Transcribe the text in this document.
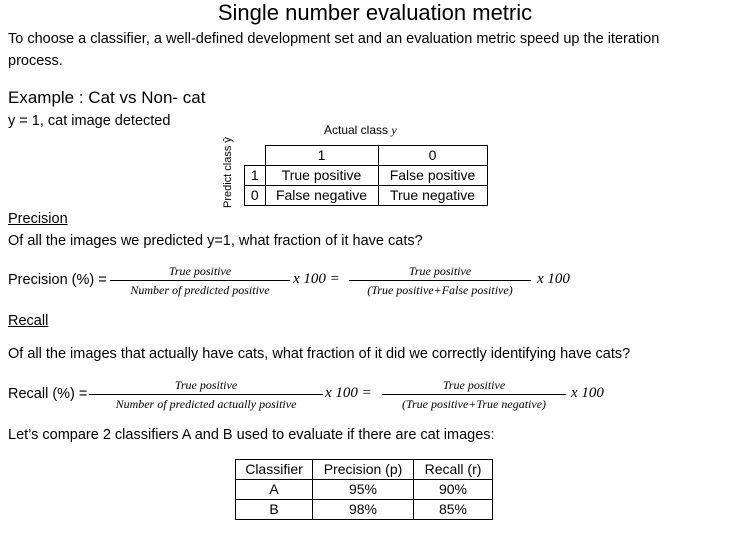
Single number evaluation metric
To choose a classifier, a well-defined development set and an evaluation metric speed up the iteration
process.
Example : Cat vs Non- cat
y = 1, cat image detected
Actual class y
Predict class ŷ
		1	0
1	True positive	False positive
0	False negative	True negative
Precision
Of all the images we predicted y=1, what fraction of it have cats?
Precision (%) =
True positive
Number of predicted positive
x 100 =	True positive
(True positive+False positive)
x 100
Recall
Of all the images that actually have cats, what fraction of it did we correctly identifying have cats?
Recall (%) =
True positive
Number of predicted actually positive
x 100 =	True positive
(True positive+True negative)
x 100
Let’s compare 2 classifiers A and B used to evaluate if there are cat images:
Classifier	Precision (p)	Recall (r)
A	95%	90%
B	98%	85%
